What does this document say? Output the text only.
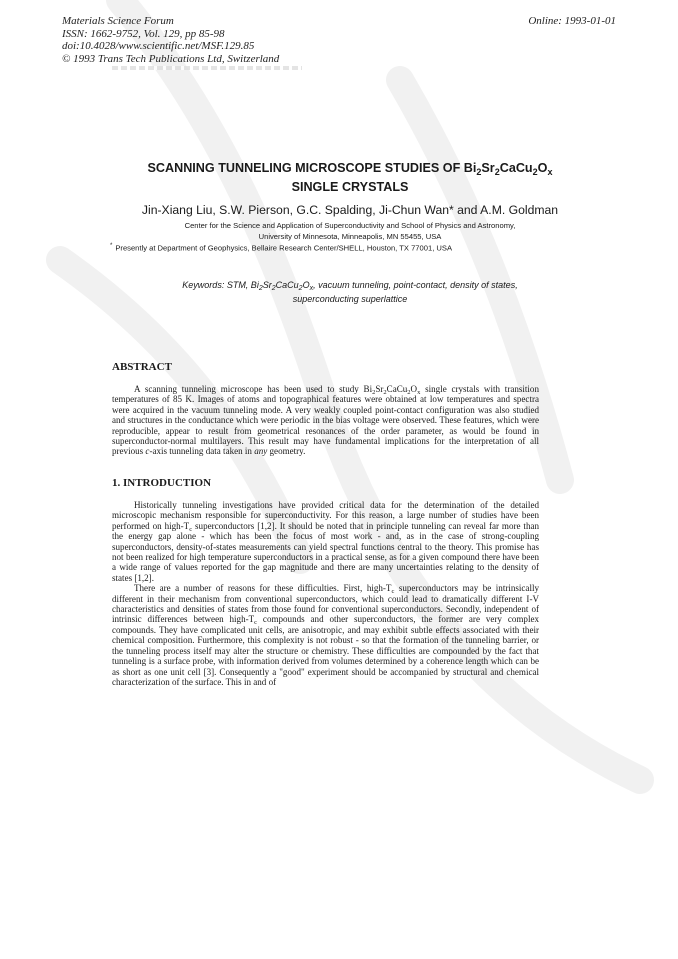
Materials Science Forum
ISSN: 1662-9752, Vol. 129, pp 85-98
doi:10.4028/www.scientific.net/MSF.129.85
© 1993 Trans Tech Publications Ltd, Switzerland
Online: 1993-01-01
SCANNING TUNNELING MICROSCOPE STUDIES OF $Bi_2Sr_2CaCu_2O_x$
SINGLE CRYSTALS
Jin-Xiang Liu, S.W. Pierson, G.C. Spalding, Ji-Chun Wan* and A.M. Goldman
Center for the Science and Application of Superconductivity and School of Physics and Astronomy,
University of Minnesota, Minneapolis, MN 55455, USA
* Presently at Department of Geophysics, Bellaire Research Center/SHELL, Houston, TX 77001, USA
Keywords: STM, $Bi_2Sr_2CaCu_2O_x$, vacuum tunneling, point-contact, density of states,
superconducting superlattice
ABSTRACT

A scanning tunneling microscope has been used to study $Bi_2Sr_2CaCu_2O_x$ single crystals with transition temperatures of 85 K. Images of atoms and topographical features were obtained at low temperatures and spectra were acquired in the vacuum tunneling mode. A very weakly coupled point-contact configuration was also studied and structures in the conductance which were periodic in the bias voltage were observed. These features, which were reproducible, appear to result from geometrical resonances of the order parameter, as would be found in superconductor-normal multilayers. This result may have fundamental implications for the interpretation of all previous c-axis tunneling data taken in any geometry.

1. INTRODUCTION

Historically tunneling investigations have provided critical data for the determination of the detailed microscopic mechanism responsible for superconductivity. For this reason, a large number of studies have been performed on high-$T_c$ superconductors [1,2]. It should be noted that in principle tunneling can reveal far more than the energy gap alone - which has been the focus of most work - and, as in the case of strong-coupling superconductors, density-of-states measurements can yield spectral functions central to the theory. This promise has not been realized for high temperature superconductors in a practical sense, as for a given compound there have been a wide range of values reported for the gap magnitude and there are many uncertainties relating to the density of states [1,2].

There are a number of reasons for these difficulties. First, high-$T_c$ superconductors may be intrinsically different in their mechanism from conventional superconductors, which could lead to dramatically different I-V characteristics and densities of states from those found for conventional superconductors. Secondly, independent of intrinsic differences between high-$T_c$ compounds and other superconductors, the former are very complex compounds. They have complicated unit cells, are anisotropic, and may exhibit subtle effects associated with their chemical composition. Furthermore, this complexity is not robust - so that the formation of the tunneling barrier, or the tunneling process itself may alter the structure or chemistry. These difficulties are compounded by the fact that tunneling is a surface probe, with information derived from volumes determined by a coherence length which can be as short as one unit cell [3]. Consequently a "good" experiment should be accompanied by structural and chemical characterization of the surface. This in and of
